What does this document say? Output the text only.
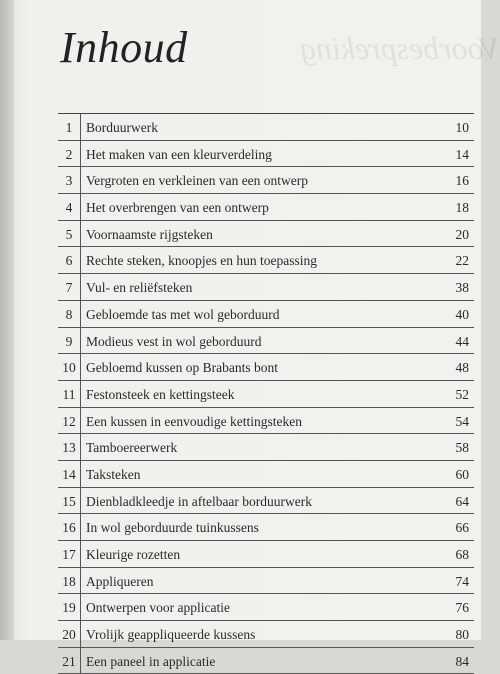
Voorbespreking
Inhoud
1	Borduurwerk	10
2	Het maken van een kleurverdeling	14
3	Vergroten en verkleinen van een ontwerp	16
4	Het overbrengen van een ontwerp	18
5	Voornaamste rijgsteken	20
6	Rechte steken, knoopjes en hun toepassing	22
7	Vul- en reliëfsteken	38
8	Gebloemde tas met wol geborduurd	40
9	Modieus vest in wol geborduurd	44
10 Gebloemd kussen op Brabants bont	48
11 Festonsteek en kettingsteek	52
12 Een kussen in eenvoudige kettingsteken	54
13 Tamboereerwerk	58
14 Taksteken	60
15 Dienbladkleedje in aftelbaar borduurwerk	64
16 In wol geborduurde tuinkussens	66
17 Kleurige rozetten	68
18 Appliqueren	74
19 Ontwerpen voor applicatie	76
20 Vrolijk geappliqueerde kussens	80
21 Een paneel in applicatie	84
